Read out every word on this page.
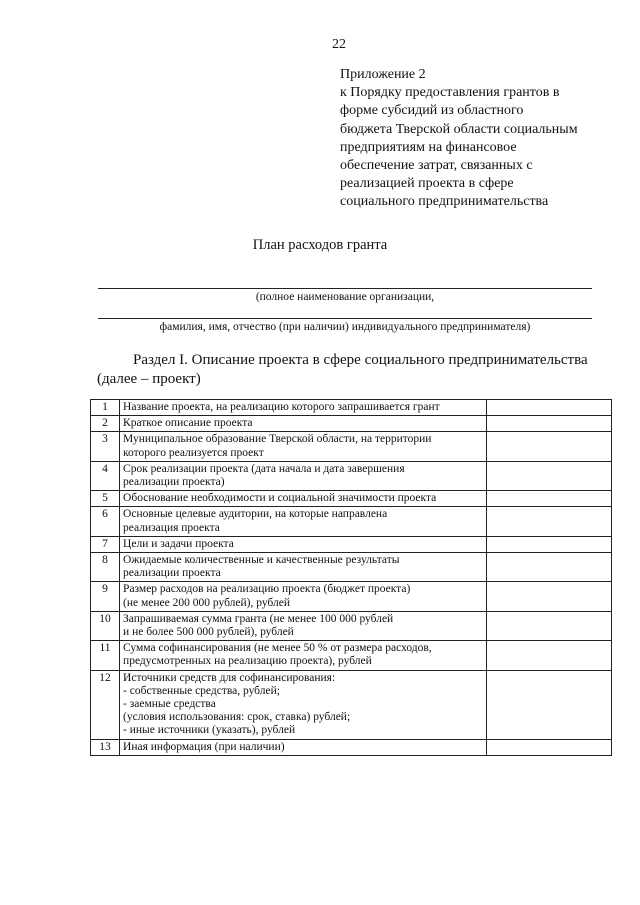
22
Приложение 2
к Порядку предоставления грантов в
форме субсидий из областного
бюджета Тверской области социальным
предприятиям на финансовое
обеспечение затрат, связанных с
реализацией проекта в сфере
социального предпринимательства
План расходов гранта
(полное наименование организации,
фамилия, имя, отчество (при наличии) индивидуального предпринимателя)
Раздел I. Описание проекта в сфере социального предпринимательства (далее – проект)
1	Название проекта, на реализацию которого запрашивается грант	

2	Краткое описание проекта	

3	Муниципальное образование Тверской области, на территории
которого реализуется проект	

4	Срок реализации проекта (дата начала и дата завершения
реализации проекта)	

5	Обоснование необходимости и социальной значимости проекта	

6	Основные целевые аудитории, на которые направлена
реализация проекта	

7	Цели и задачи проекта	

8	Ожидаемые количественные и качественные результаты
реализации проекта	

9	Размер расходов на реализацию проекта (бюджет проекта)
(не менее 200 000 рублей), рублей	

10	Запрашиваемая сумма гранта (не менее 100 000 рублей
и не более 500 000 рублей), рублей	

11	Сумма софинансирования (не менее 50 % от размера расходов,
предусмотренных на реализацию проекта), рублей	

12	Источники средств для софинансирования:
- собственные средства, рублей;
- заемные средства
(условия использования: срок, ставка) рублей;
- иные источники (указать), рублей	

13	Иная информация (при наличии)	
